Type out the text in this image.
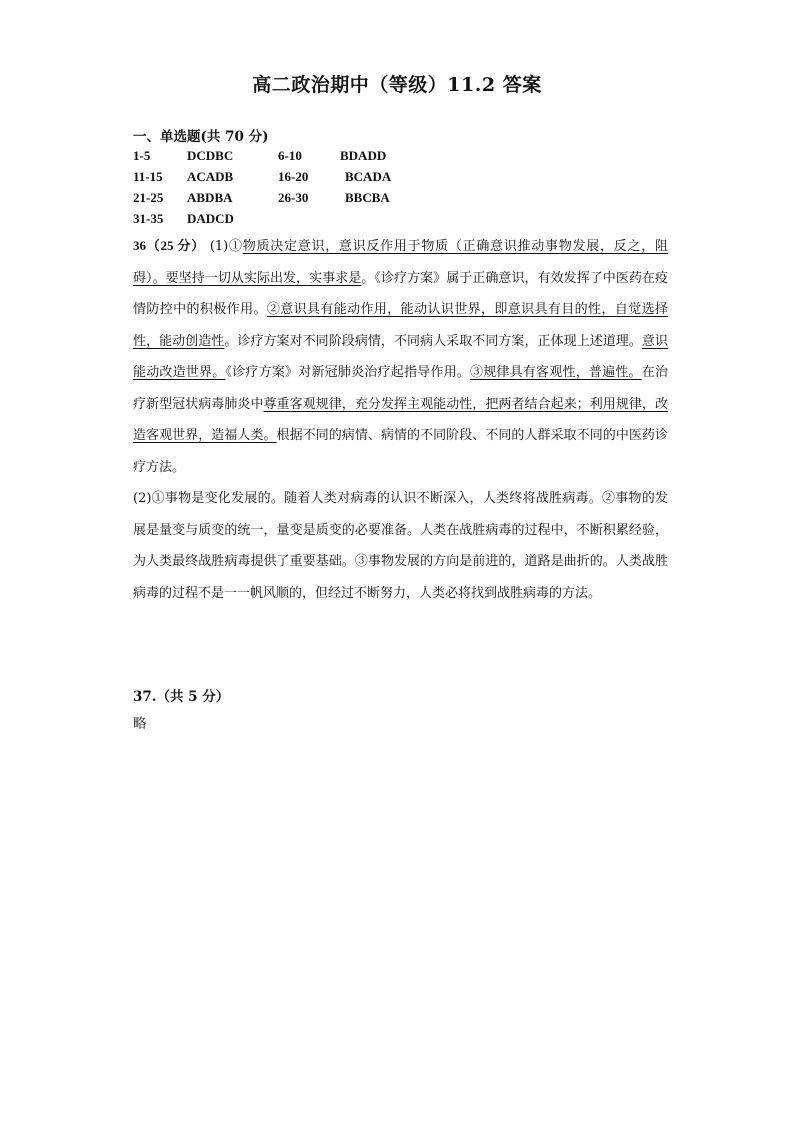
高二政治期中（等级）11.2 答案
一、单选题(共 70 分)
1-5	DCDBC	6-10	BDADD
11-15 ACADB	16-20	BCADA
21-25 ABDBA	26-30	BBCBA
31-35 DADCD
36（25 分） (1)①物质决定意识，意识反作用于物质（正确意识推动事物发展，反之，阻碍）。要坚持一切从实际出发，实事求是。《诊疗方案》属于正确意识，有效发挥了中医药在疫情防控中的积极作用。②意识具有能动作用，能动认识世界，即意识具有目的性，自觉选择性，能动创造性。诊疗方案对不同阶段病情，不同病人采取不同方案，正体现上述道理。意识能动改造世界。《诊疗方案》对新冠肺炎治疗起指导作用。③规律具有客观性，普遍性。在治疗新型冠状病毒肺炎中尊重客观规律，充分发挥主观能动性，把两者结合起来；利用规律，改造客观世界，造福人类。根据不同的病情、病情的不同阶段、不同的人群采取不同的中医药诊疗方法。
(2)①事物是变化发展的。随着人类对病毒的认识不断深入，人类终将战胜病毒。②事物的发展是量变与质变的统一，量变是质变的必要准备。人类在战胜病毒的过程中，不断积累经验，为人类最终战胜病毒提供了重要基础。③事物发展的方向是前进的，道路是曲折的。人类战胜病毒的过程不是一一帆风顺的，但经过不断努力，人类必将找到战胜病毒的方法。
37.（共 5 分）
略
